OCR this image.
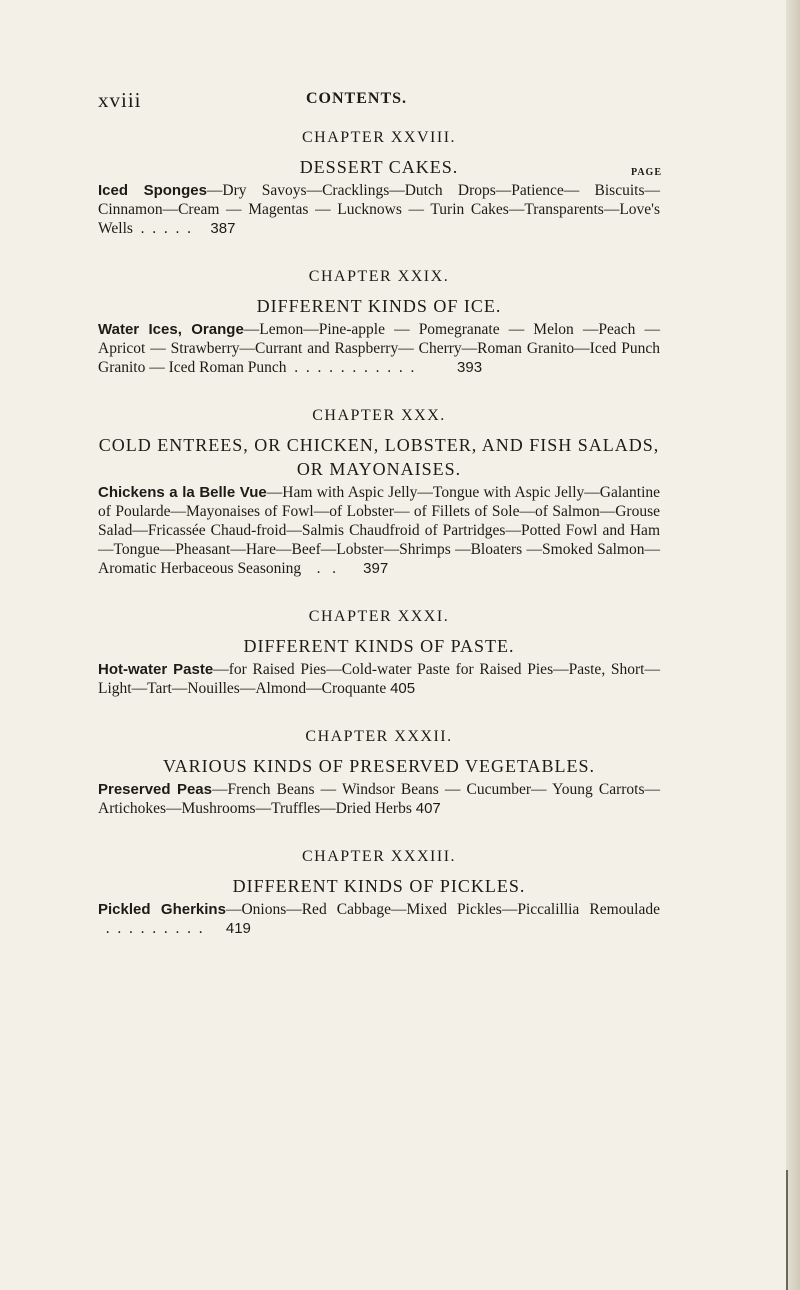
xviii	CONTENTS.
CHAPTER XXVIII.
DESSERT CAKES.	PAGE

Iced Sponges—Dry Savoys—Cracklings—Dutch Drops—Patience— Biscuits—Cinnamon—Cream — Magentas — Lucknows — Turin Cakes—Transparents—Love's Wells  .  .  .  .  .     387

CHAPTER XXIX.
DIFFERENT KINDS OF ICE.

Water Ices, Orange—Lemon—Pine-apple — Pomegranate — Melon —Peach — Apricot — Strawberry—Currant and Raspberry— Cherry—Roman Granito—Iced Punch Granito — Iced Roman Punch  .  .  .  .  .  .  .  .  .  .  .           393

CHAPTER XXX.
COLD ENTREES, OR CHICKEN, LOBSTER, AND FISH SALADS, OR MAYONAISES.

Chickens a la Belle Vue—Ham with Aspic Jelly—Tongue with Aspic Jelly—Galantine of Poularde—Mayonaises of Fowl—of Lobster— of Fillets of Sole—of Salmon—Grouse Salad—Fricassée Chaud-froid—Salmis Chaudfroid of Partridges—Potted Fowl and Ham —Tongue—Pheasant—Hare—Beef—Lobster—Shrimps —Bloaters —Smoked Salmon—Aromatic Herbaceous Seasoning    .   .       397

CHAPTER XXXI.
DIFFERENT KINDS OF PASTE.

Hot-water Paste—for Raised Pies—Cold-water Paste for Raised Pies—Paste, Short—Light—Tart—Nouilles—Almond—Croquante 405

CHAPTER XXXII.
VARIOUS KINDS OF PRESERVED VEGETABLES.

Preserved Peas—French Beans — Windsor Beans — Cucumber— Young Carrots—Artichokes—Mushrooms—Truffles—Dried Herbs 407

CHAPTER XXXIII.
DIFFERENT KINDS OF PICKLES.

Pickled Gherkins—Onions—Red Cabbage—Mixed Pickles—Piccalillia Remoulade   .  .  .  .  .  .  .  .  .      419
